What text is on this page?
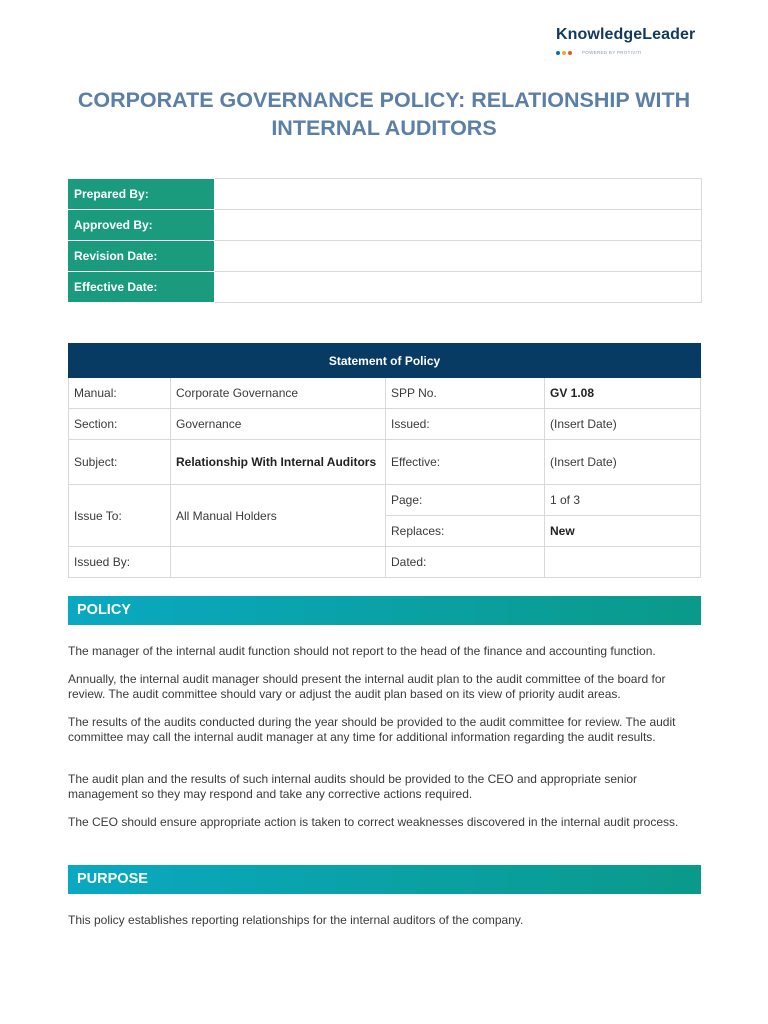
KnowledgeLeader
POWERED BY PROTIVITI
CORPORATE GOVERNANCE POLICY: RELATIONSHIP WITH INTERNAL AUDITORS
Prepared By:	
Approved By:	
Revision Date:	
Effective Date:	
Statement of Policy			
Manual:	Corporate Governance	SPP No.	GV 1.08
Section:	Governance	Issued:	(Insert Date)
Subject:	Relationship With Internal Auditors	Effective:	(Insert Date)
Issue To:	All Manual Holders	Page:	1 of 3
		Replaces:	New
Issued By:		Dated:	
POLICY

The manager of the internal audit function should not report to the head of the finance and accounting function.

Annually, the internal audit manager should present the internal audit plan to the audit committee of the board for review. The audit committee should vary or adjust the audit plan based on its view of priority audit areas.

The results of the audits conducted during the year should be provided to the audit committee for review. The audit committee may call the internal audit manager at any time for additional information regarding the audit results.

The audit plan and the results of such internal audits should be provided to the CEO and appropriate senior management so they may respond and take any corrective actions required.

The CEO should ensure appropriate action is taken to correct weaknesses discovered in the internal audit process.

PURPOSE

This policy establishes reporting relationships for the internal auditors of the company.
